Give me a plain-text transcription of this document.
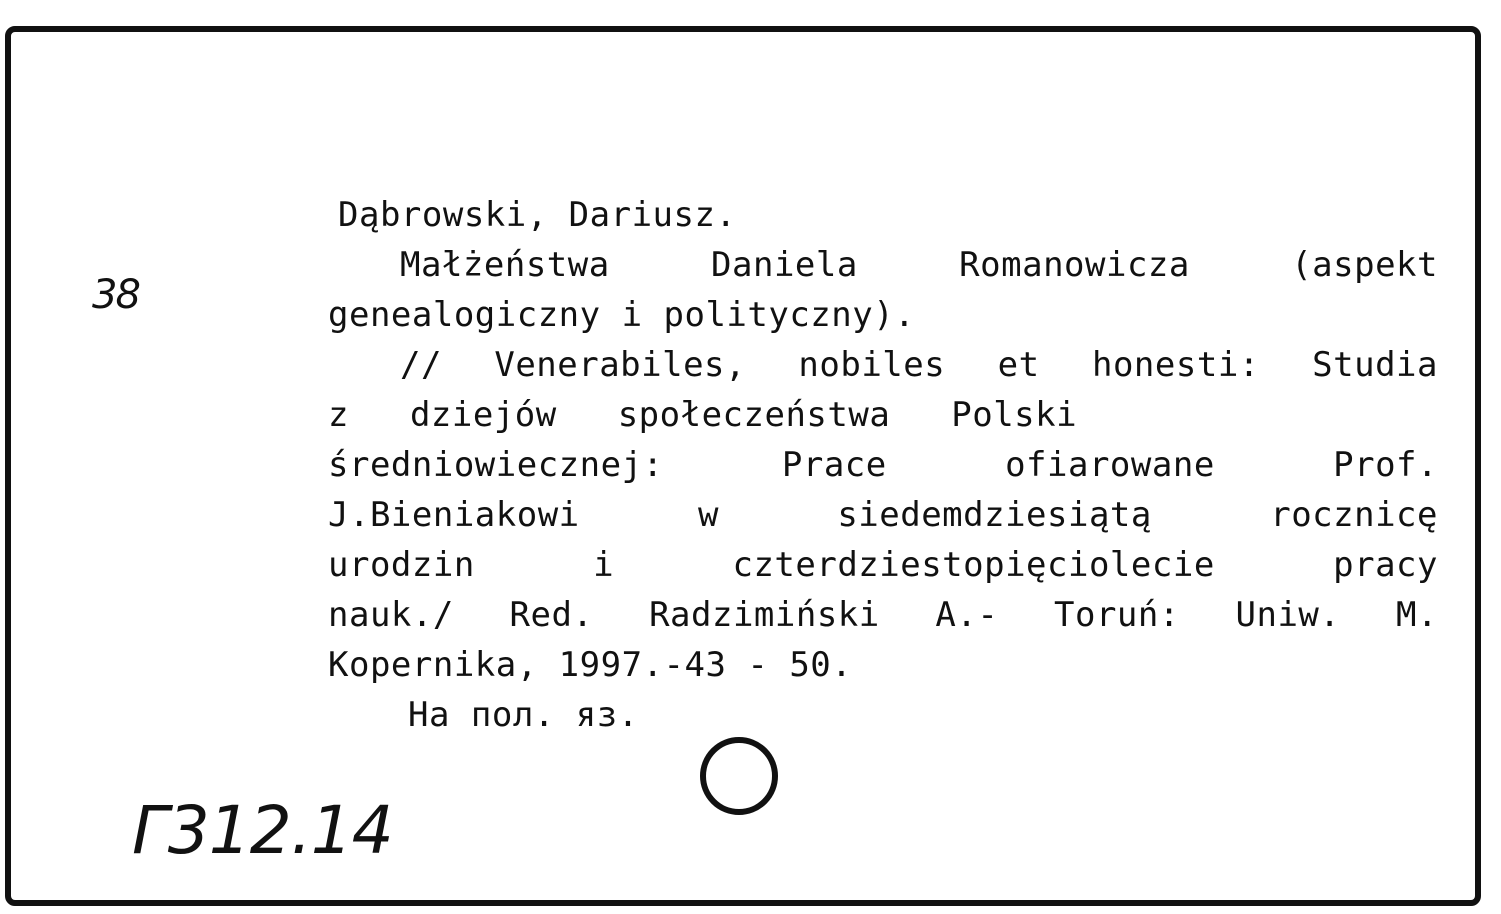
38
Dąbrowski, Dariusz.
Małżeństwa Daniela Romanowicza (aspekt
genealogiczny i polityczny).
// Venerabiles, nobiles et honesti: Studia
z dziejów społeczeństwa Polski
średniowiecznej: Prace ofiarowane Prof.
J.Bieniakowi w siedemdziesiątą rocznicę
urodzin i czterdziestopięciolecie pracy
nauk./ Red. Radzimiński A.- Toruń: Uniw. M.
Kopernika, 1997.-43 - 50.
На пол. яз.
Г312.14
